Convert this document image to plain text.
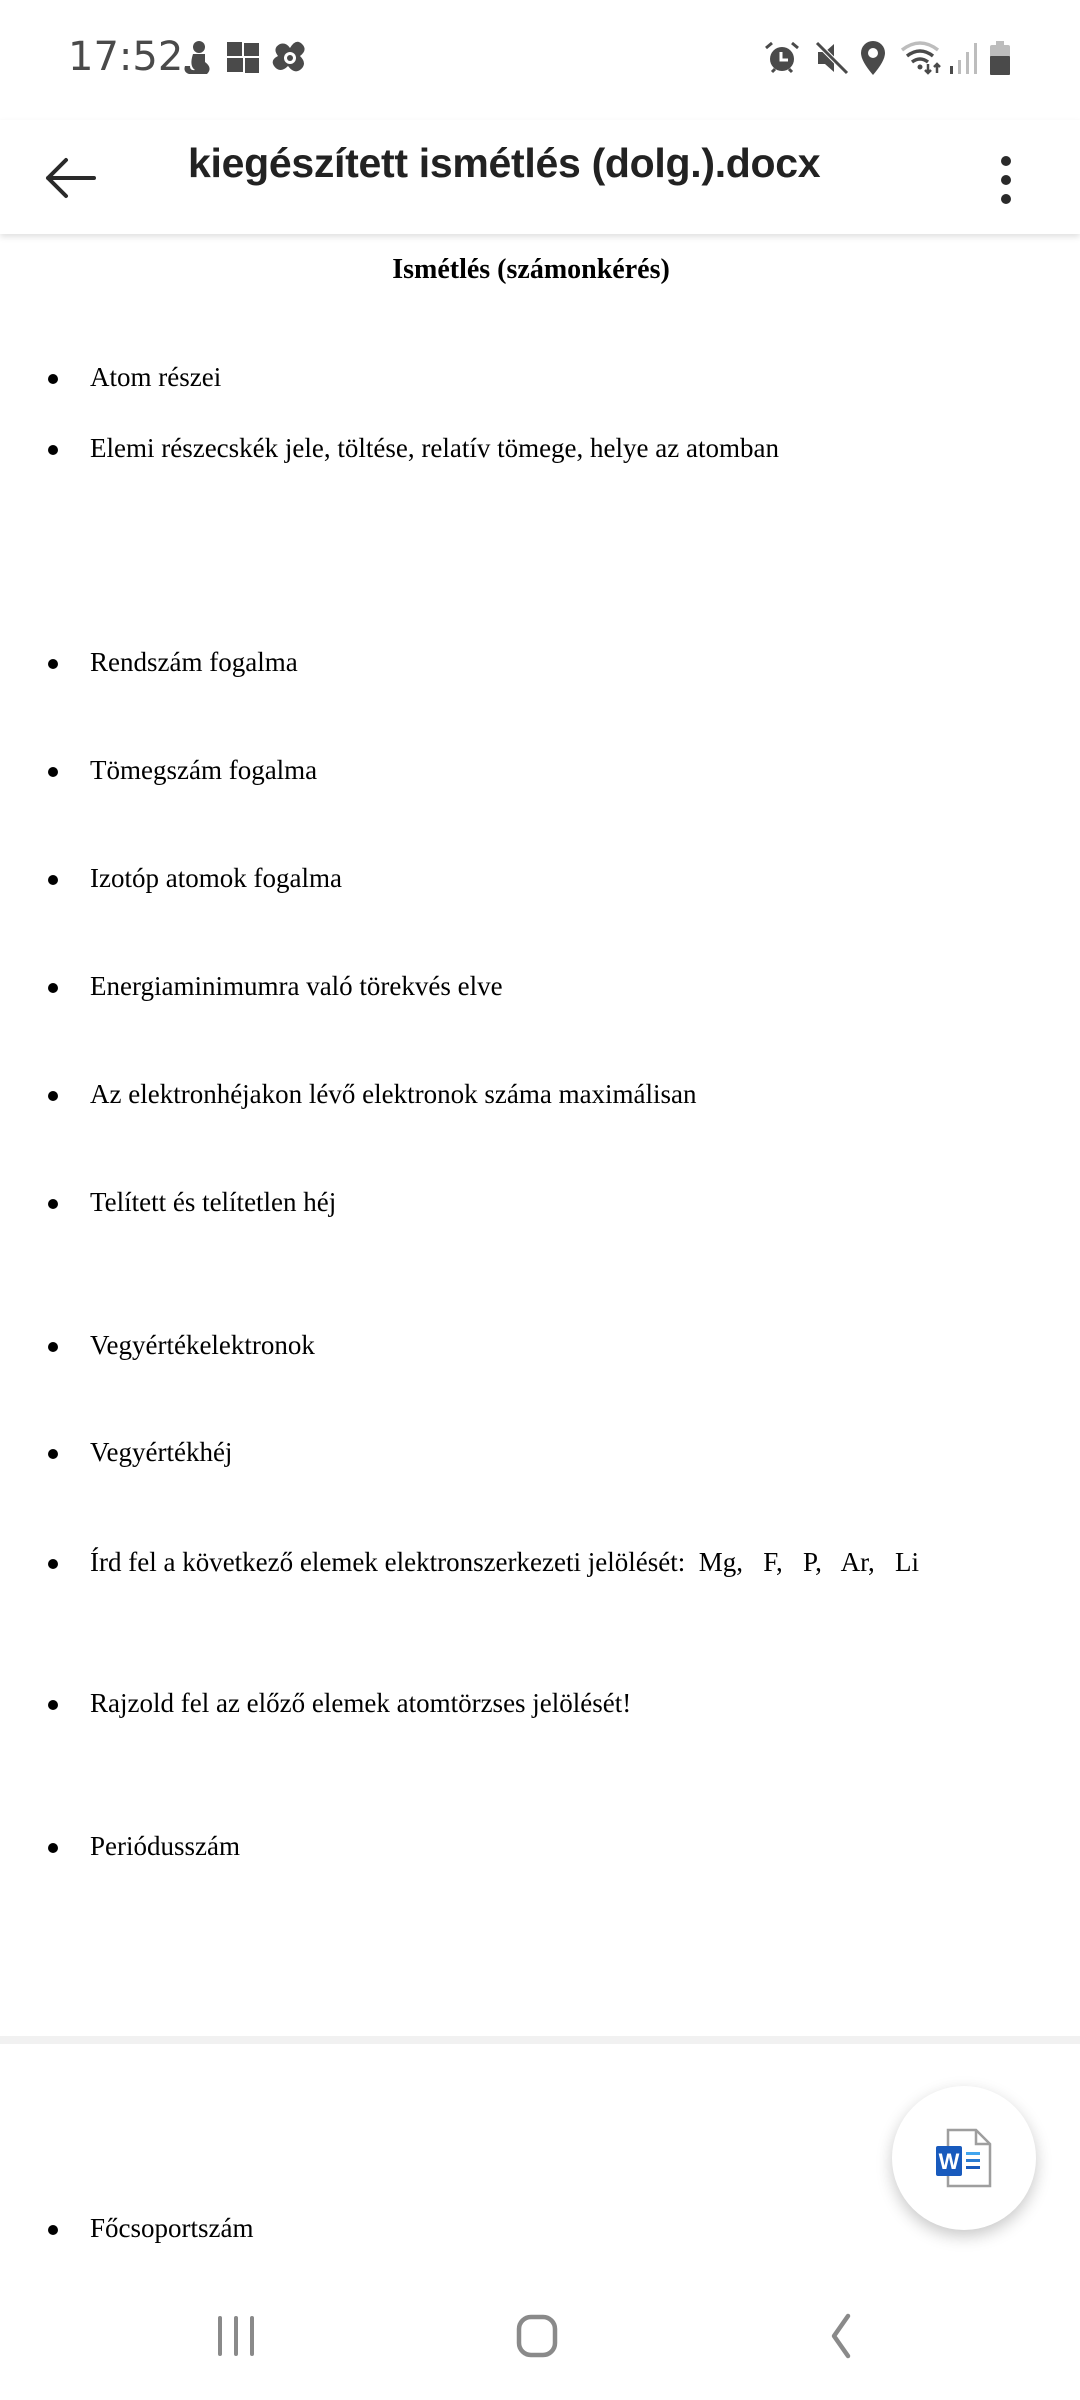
17:52
kiegészített ismétlés (dolg.).docx
Ismétlés (számonkérés)
Atom részei
Elemi részecskék jele, töltése, relatív tömege, helye az atomban
Rendszám fogalma
Tömegszám fogalma
Izotóp atomok fogalma
Energiaminimumra való törekvés elve
Az elektronhéjakon lévő elektronok száma maximálisan
Telített és telítetlen héj
Vegyértékelektronok
Vegyértékhéj
Írd fel a következő elemek elektronszerkezeti jelölését:  Mg,   F,   P,   Ar,   Li
Rajzold fel az előző elemek atomtörzses jelölését!
Periódusszám
Főcsoportszám
W
